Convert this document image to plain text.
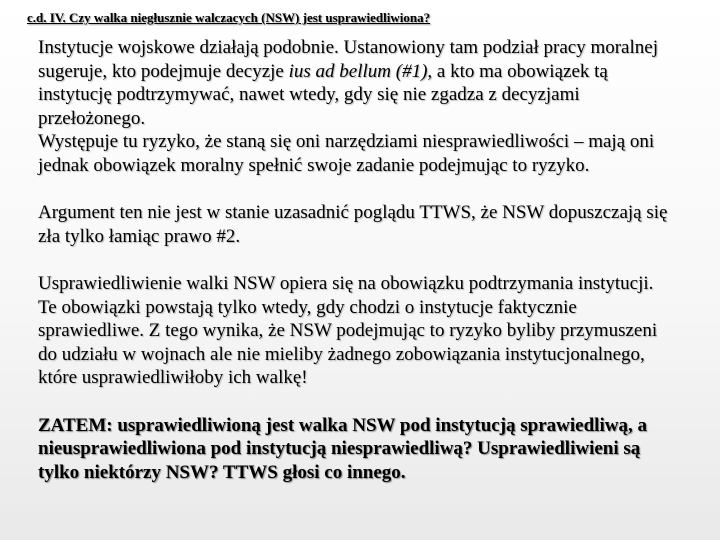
c.d. IV. Czy walka niegłusznie walczacych (NSW) jest usprawiedliwiona?

Instytucje wojskowe działają podobnie. Ustanowiony tam podział pracy moralnej sugeruje, kto podejmuje decyzje ius ad bellum (#1), a kto ma obowiązek tą instytucję podtrzymywać, nawet wtedy, gdy się nie zgadza z decyzjami przełożonego.

Występuje tu ryzyko, że staną się oni narzędziami niesprawiedliwości – mają oni jednak obowiązek moralny spełnić swoje zadanie podejmując to ryzyko.

Argument ten nie jest w stanie uzasadnić poglądu TTWS, że NSW dopuszczają się zła tylko łamiąc prawo #2.

Usprawiedliwienie walki NSW opiera się na obowiązku podtrzymania instytucji. Te obowiązki powstają tylko wtedy, gdy chodzi o instytucje faktycznie sprawiedliwe. Z tego wynika, że NSW podejmując to ryzyko byliby przymuszeni do udziału w wojnach ale nie mieliby żadnego zobowiązania instytucjonalnego, które usprawiedliwiłoby ich walkę!

ZATEM: usprawiedliwioną jest walka NSW pod instytucją sprawiedliwą, a nieusprawiedliwiona pod instytucją niesprawiedliwą? Usprawiedliwieni są tylko niektórzy NSW? TTWS głosi co innego.
